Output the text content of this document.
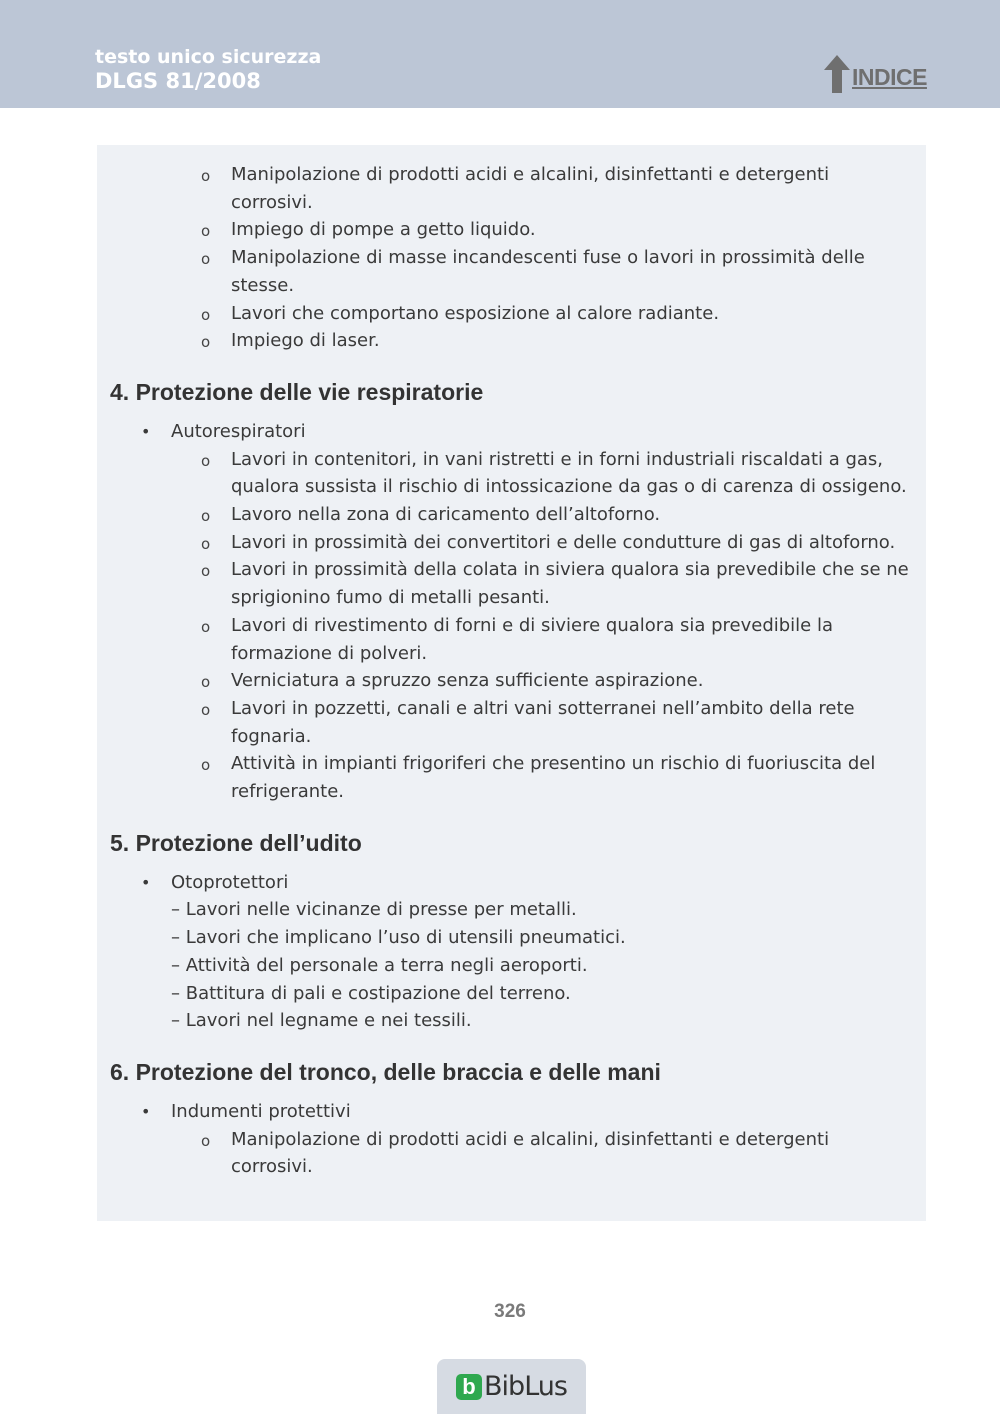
testo unico sicurezza
DLGS 81/2008	INDICE
o Manipolazione di prodotti acidi e alcalini, disinfettanti e detergenti corrosivi.
o Impiego di pompe a getto liquido.
o Manipolazione di masse incandescenti fuse o lavori in prossimità delle stesse.
o Lavori che comportano esposizione al calore radiante.
o Impiego di laser.
4. Protezione delle vie respiratorie
• Autorespiratori
o Lavori in contenitori, in vani ristretti e in forni industriali riscaldati a gas, qualora sussista il rischio di intossicazione da gas o di carenza di ossigeno.
o Lavoro nella zona di caricamento dell’altoforno.
o Lavori in prossimità dei convertitori e delle condutture di gas di altoforno.
o Lavori in prossimità della colata in siviera qualora sia prevedibile che se ne sprigionino fumo di metalli pesanti.
o Lavori di rivestimento di forni e di siviere qualora sia prevedibile la formazione di polveri.
o Verniciatura a spruzzo senza sufficiente aspirazione.
o Lavori in pozzetti, canali e altri vani sotterranei nell’ambito della rete fognaria.
o Attività in impianti frigoriferi che presentino un rischio di fuoriuscita del refrigerante.
5. Protezione dell’udito
• Otoprotettori
– Lavori nelle vicinanze di presse per metalli.
– Lavori che implicano l’uso di utensili pneumatici.
– Attività del personale a terra negli aeroporti.
– Battitura di pali e costipazione del terreno.
– Lavori nel legname e nei tessili.
6. Protezione del tronco, delle braccia e delle mani
• Indumenti protettivi
o Manipolazione di prodotti acidi e alcalini, disinfettanti e detergenti corrosivi.
326
b BibLus
